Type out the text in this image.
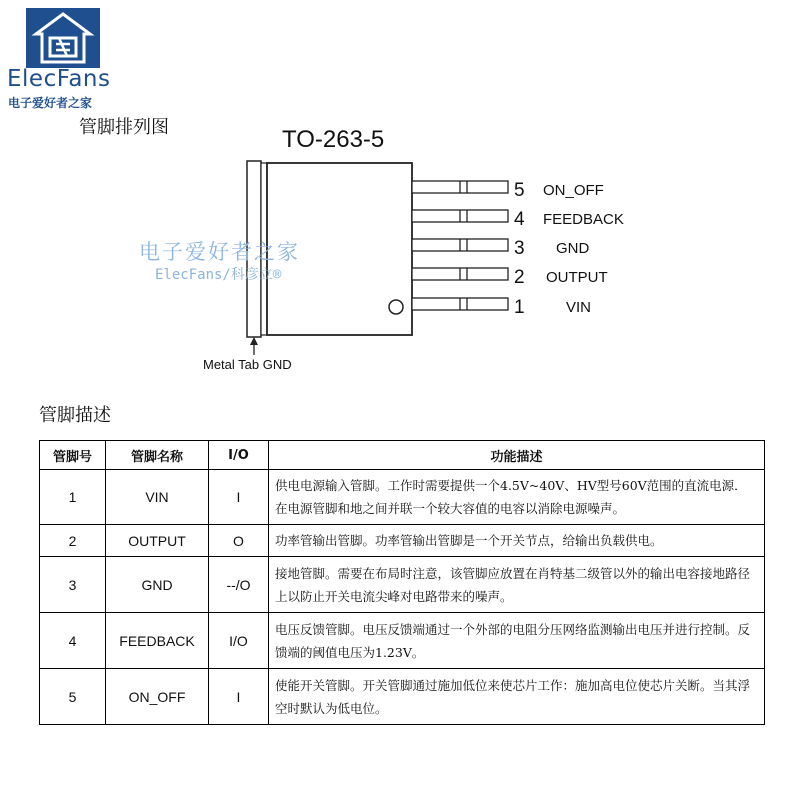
ElecFans
电子爱好者之家
管脚排列图	TO-263-5
5 ON_OFF
4 FEEDBACK
3 GND
2 OUTPUT
1	VIN
Metal Tab GND
电子爱好者之家
ElecFans/科彦立®
管脚描述
管脚号	管脚名称	I/O	功能描述
1	VIN	I	供电电源输入管脚。工作时需要提供一个4.5V~40V、HV型号60V范围的直流电源．在电源管脚和地之间并联一个较大容值的电容以消除电源噪声。
2	OUTPUT	O	功率管输出管脚。功率管输出管脚是一个开关节点，给输出负载供电。
3	GND	--/O	接地管脚。需要在布局时注意，该管脚应放置在肖特基二级管以外的输出电容接地路径上以防止开关电流尖峰对电路带来的噪声。
4	FEEDBACK	I/O	电压反馈管脚。电压反馈端通过一个外部的电阻分压网络监测输出电压并进行控制。反馈端的阈值电压为1.23V。
5	ON_OFF	I	使能开关管脚。开关管脚通过施加低位来使芯片工作：施加高电位使芯片关断。当其浮空时默认为低电位。
